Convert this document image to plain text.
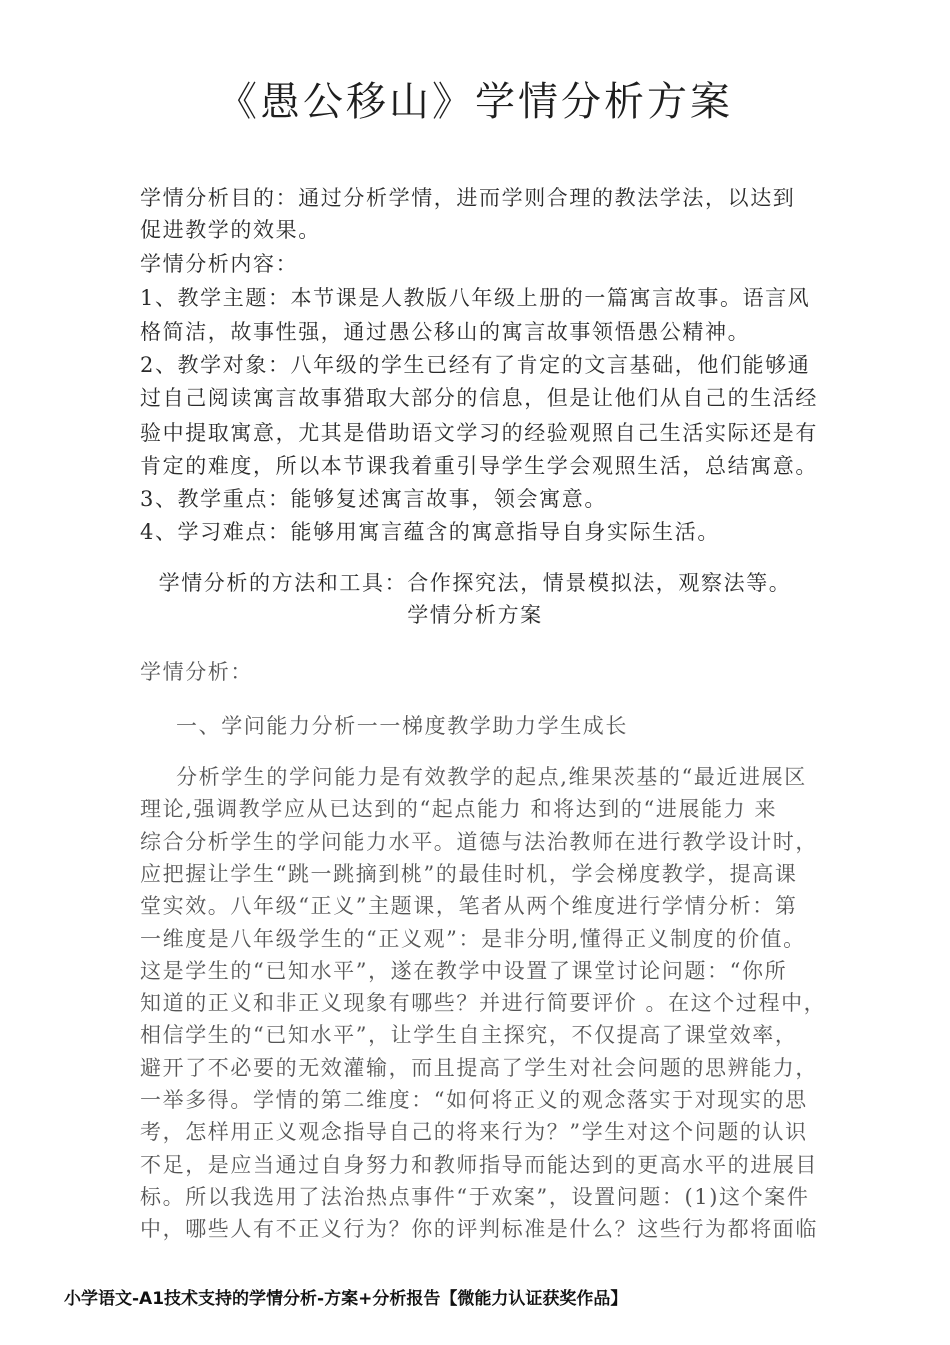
《愚公移山》学情分析方案
学情分析目的：通过分析学情，进而学则合理的教法学法，以达到
促进教学的效果。
学情分析内容：
1、教学主题：本节课是人教版八年级上册的一篇寓言故事。语言风
格简洁，故事性强，通过愚公移山的寓言故事领悟愚公精神。
2、教学对象：八年级的学生已经有了肯定的文言基础，他们能够通
过自己阅读寓言故事猎取大部分的信息，但是让他们从自己的生活经
验中提取寓意，尤其是借助语文学习的经验观照自己生活实际还是有
肯定的难度，所以本节课我着重引导学生学会观照生活，总结寓意。
3、教学重点：能够复述寓言故事，领会寓意。
4、学习难点：能够用寓言蕴含的寓意指导自身实际生活。
学情分析的方法和工具：合作探究法，情景模拟法，观察法等。
学情分析方案
学情分析：
一、学问能力分析一一梯度教学助力学生成长
分析学生的学问能力是有效教学的起点,维果茨基的“最近进展区
理论,强调教学应从已达到的“起点能力 和将达到的“进展能力 来
综合分析学生的学问能力水平。道德与法治教师在进行教学设计时，
应把握让学生“跳一跳摘到桃”的最佳时机，学会梯度教学，提高课
堂实效。八年级“正义”主题课，笔者从两个维度进行学情分析：第
一维度是八年级学生的“正义观”：是非分明,懂得正义制度的价值。
这是学生的“已知水平”，遂在教学中设置了课堂讨论问题：“你所
知道的正义和非正义现象有哪些？并进行简要评价 。在这个过程中，
相信学生的“已知水平”，让学生自主探究，不仅提高了课堂效率，
避开了不必要的无效灌输，而且提高了学生对社会问题的思辨能力，
一举多得。学情的第二维度：“如何将正义的观念落实于对现实的思
考，怎样用正义观念指导自己的将来行为？”学生对这个问题的认识
不足，是应当通过自身努力和教师指导而能达到的更高水平的进展目
标。所以我选用了法治热点事件“于欢案”，设置问题：(1)这个案件
中，哪些人有不正义行为？你的评判标准是什么？这些行为都将面临
小学语文-A1技术支持的学情分析-方案+分析报告【微能力认证获奖作品】
